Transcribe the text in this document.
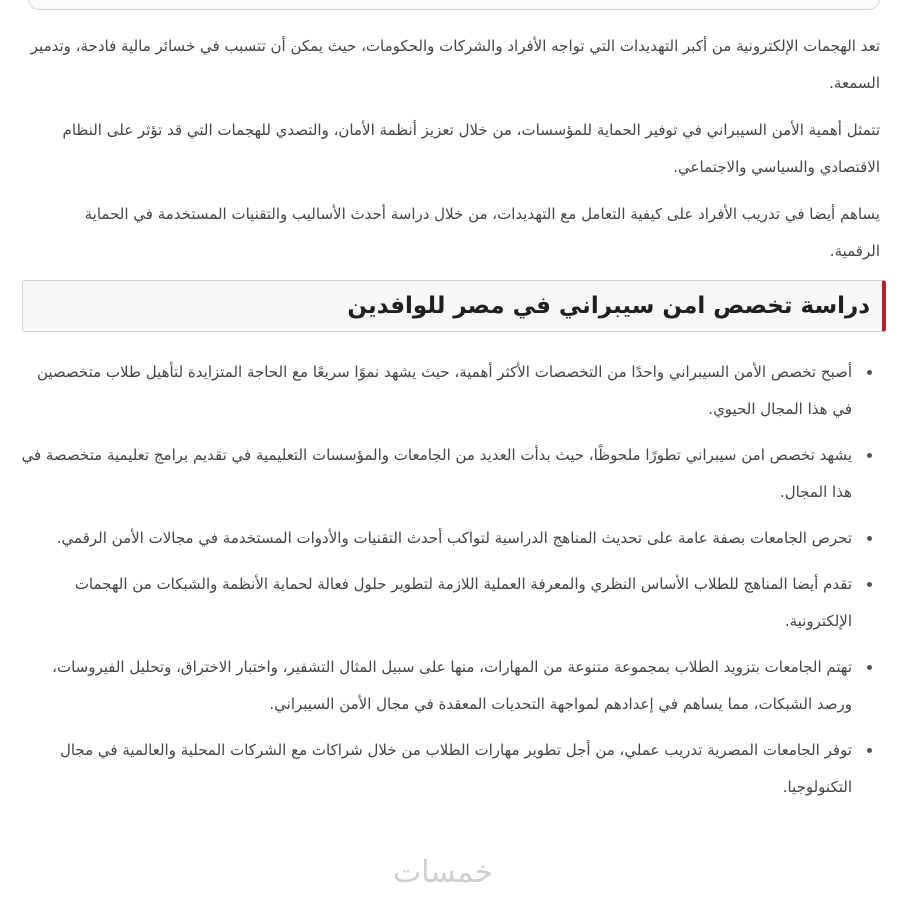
تعد الهجمات الإلكترونية من أكبر التهديدات التي تواجه الأفراد والشركات والحكومات، حيث يمكن أن تتسبب في خسائر مالية فادحة، وتدمير السمعة.

تتمثل أهمية الأمن السيبراني في توفير الحماية للمؤسسات، من خلال تعزيز أنظمة الأمان، والتصدي للهجمات التي قد تؤثر على النظام الاقتصادي والسياسي والاجتماعي.

يساهم أيضا في تدريب الأفراد على كيفية التعامل مع التهديدات، من خلال دراسة أحدث الأساليب والتقنيات المستخدمة في الحماية الرقمية.

دراسة تخصص امن سيبراني في مصر للوافدين
أصبح تخصص الأمن السيبراني واحدًا من التخصصات الأكثر أهمية، حيث يشهد نموًا سريعًا مع الحاجة المتزايدة لتأهيل طلاب متخصصين في هذا المجال الحيوي.
يشهد تخصص امن سيبراني تطورًا ملحوظًا، حيث بدأت العديد من الجامعات والمؤسسات التعليمية في تقديم برامج تعليمية متخصصة في هذا المجال.
تحرص الجامعات بصفة عامة على تحديث المناهج الدراسية لتواكب أحدث التقنيات والأدوات المستخدمة في مجالات الأمن الرقمي.
تقدم أيضا المناهج للطلاب الأساس النظري والمعرفة العملية اللازمة لتطوير حلول فعالة لحماية الأنظمة والشبكات من الهجمات الإلكترونية.
تهتم الجامعات بتزويد الطلاب بمجموعة متنوعة من المهارات، منها على سبيل المثال التشفير، واختبار الاختراق، وتحليل الفيروسات، ورصد الشبكات، مما يساهم في إعدادهم لمواجهة التحديات المعقدة في مجال الأمن السيبراني.
توفر الجامعات المصرية تدريب عملي، من أجل تطوير مهارات الطلاب من خلال شراكات مع الشركات المحلية والعالمية في مجال التكنولوجيا.
خمسات
